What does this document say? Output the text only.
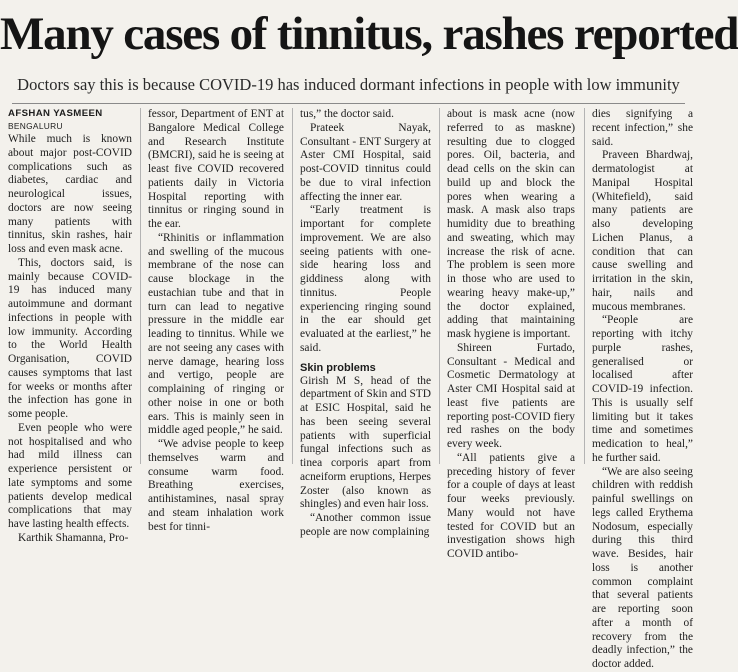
Many cases of tinnitus, rashes reported
Doctors say this is because COVID-19 has induced dormant infections in people with low immunity
AFSHAN YASMEEN
BENGALURU

While much is known about major post-COVID complications such as diabetes, cardiac and neurological issues, doctors are now seeing many patients with tinnitus, skin rashes, hair loss and even mask acne.

This, doctors said, is mainly because COVID-19 has induced many autoimmune and dormant infections in people with low immunity. According to the World Health Organisation, COVID causes symptoms that last for weeks or months after the infection has gone in some people.

Even people who were not hospitalised and who had mild illness can experience persistent or late symptoms and some patients develop medical complications that may have lasting health effects.

Karthik Shamanna, Pro-

fessor, Department of ENT at Bangalore Medical College and Research Institute (BMCRI), said he is seeing at least five COVID recovered patients daily in Victoria Hospital reporting with tinnitus or ringing sound in the ear.

“Rhinitis or inflammation and swelling of the mucous membrane of the nose can cause blockage in the eustachian tube and that in turn can lead to negative pressure in the middle ear leading to tinnitus. While we are not seeing any cases with nerve damage, hearing loss and vertigo, people are complaining of ringing or other noise in one or both ears. This is mainly seen in middle aged people,” he said.

“We advise people to keep themselves warm and consume warm food. Breathing exercises, antihistamines, nasal spray and steam inhalation work best for tinni-

tus,” the doctor said.

Prateek Nayak, Consultant - ENT Surgery at Aster CMI Hospital, said post-COVID tinnitus could be due to viral infection affecting the inner ear.

“Early treatment is important for complete improvement. We are also seeing patients with one-side hearing loss and giddiness along with tinnitus. People experiencing ringing sound in the ear should get evaluated at the earliest,” he said.

Skin problems

Girish M S, head of the department of Skin and STD at ESIC Hospital, said he has been seeing several patients with superficial fungal infections such as tinea corporis apart from acneiform eruptions, Herpes Zoster (also known as shingles) and even hair loss.

“Another common issue people are now complaining

about is mask acne (now referred to as maskne) resulting due to clogged pores. Oil, bacteria, and dead cells on the skin can build up and block the pores when wearing a mask. A mask also traps humidity due to breathing and sweating, which may increase the risk of acne. The problem is seen more in those who are used to wearing heavy make-up,” the doctor explained, adding that maintaining mask hygiene is important.

Shireen Furtado, Consultant - Medical and Cosmetic Dermatology at Aster CMI Hospital said at least five patients are reporting post-COVID fiery red rashes on the body every week.

“All patients give a preceding history of fever for a couple of days at least four weeks previously. Many would not have tested for COVID but an investigation shows high COVID antibo-

dies signifying a recent infection,” she said.

Praveen Bhardwaj, dermatologist at Manipal Hospital (Whitefield), said many patients are also developing Lichen Planus, a condition that can cause swelling and irritation in the skin, hair, nails and mucous membranes.

“People are reporting with itchy purple rashes, generalised or localised after COVID-19 infection. This is usually self limiting but it takes time and sometimes medication to heal,” he further said.

“We are also seeing children with reddish painful swellings on legs called Erythema Nodosum, especially during this third wave. Besides, hair loss is another common complaint that several patients are reporting soon after a month of recovery from the deadly infection,” the doctor added.
